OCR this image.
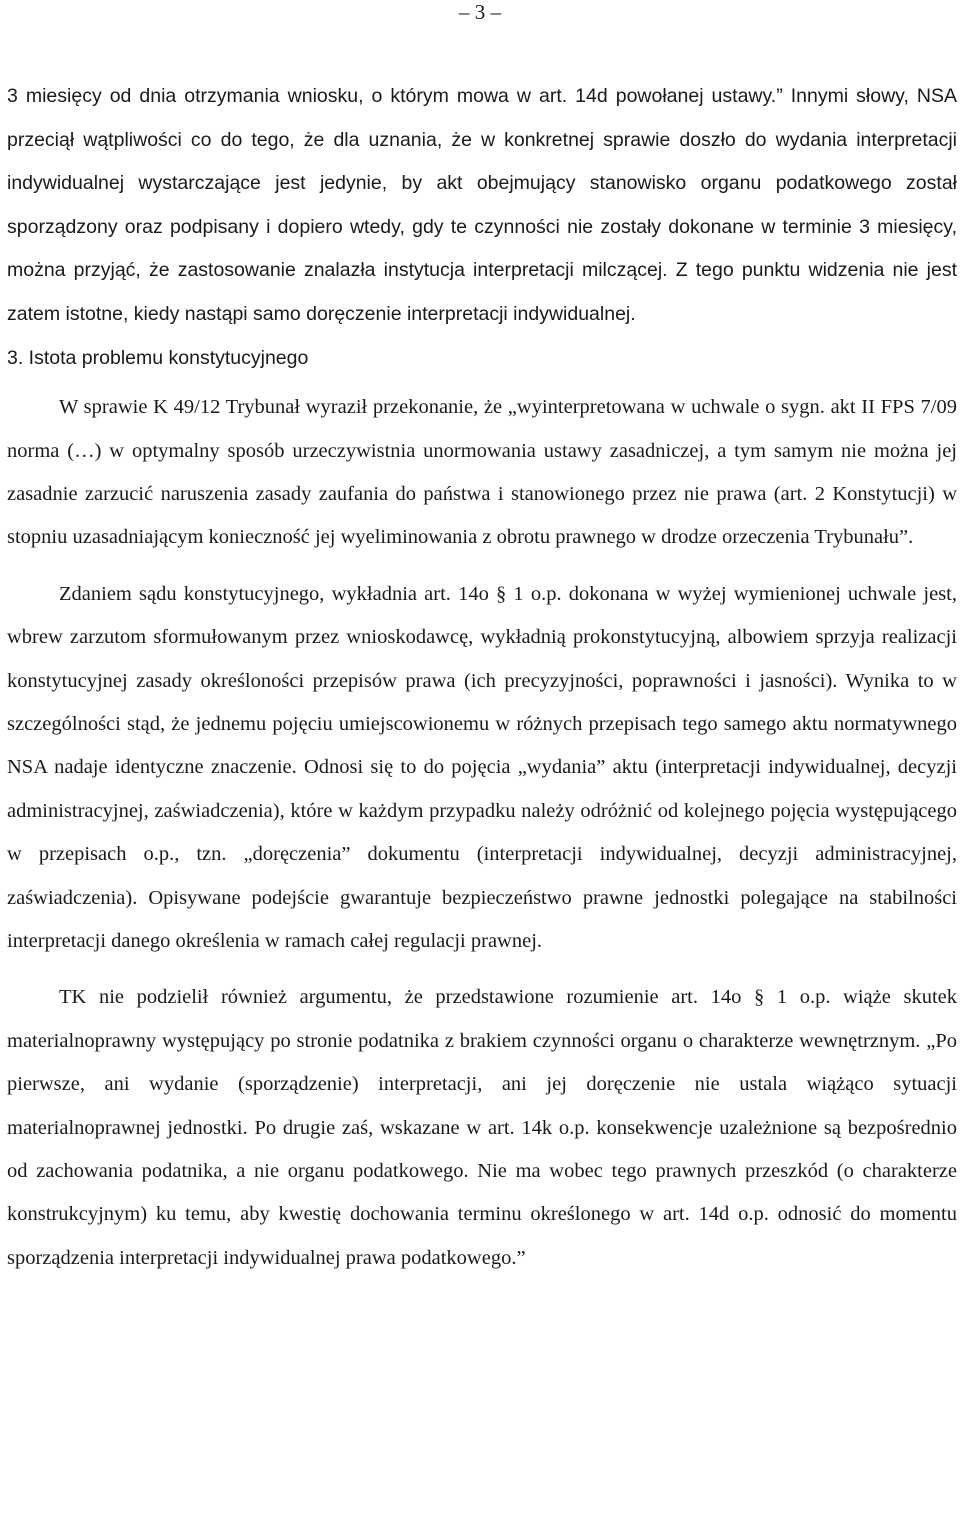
– 3 –

3 miesięcy od dnia otrzymania wniosku, o którym mowa w art. 14d powołanej ustawy.” Innymi słowy, NSA przeciął wątpliwości co do tego, że dla uznania, że w konkretnej sprawie doszło do wydania interpretacji indywidualnej wystarczające jest jedynie, by akt obejmujący stanowisko organu podatkowego został sporządzony oraz podpisany i dopiero wtedy, gdy te czynności nie zostały dokonane w terminie 3 miesięcy, można przyjąć, że zastosowanie znalazła instytucja interpretacji milczącej. Z tego punktu widzenia nie jest zatem istotne, kiedy nastąpi samo doręczenie interpretacji indywidualnej.

3. Istota problemu konstytucyjnego

W sprawie K 49/12 Trybunał wyraził przekonanie, że „wyinterpretowana w uchwale o sygn. akt II FPS 7/09 norma (…) w optymalny sposób urzeczywistnia unormowania ustawy zasadniczej, a tym samym nie można jej zasadnie zarzucić naruszenia zasady zaufania do państwa i stanowionego przez nie prawa (art. 2 Konstytucji) w stopniu uzasadniającym konieczność jej wyeliminowania z obrotu prawnego w drodze orzeczenia Trybunału”.

Zdaniem sądu konstytucyjnego, wykładnia art. 14o § 1 o.p. dokonana w wyżej wymienionej uchwale jest, wbrew zarzutom sformułowanym przez wnioskodawcę, wykładnią prokonstytucyjną, albowiem sprzyja realizacji konstytucyjnej zasady określoności przepisów prawa (ich precyzyjności, poprawności i jasności). Wynika to w szczególności stąd, że jednemu pojęciu umiejscowionemu w różnych przepisach tego samego aktu normatywnego NSA nadaje identyczne znaczenie. Odnosi się to do pojęcia „wydania” aktu (interpretacji indywidualnej, decyzji administracyjnej, zaświadczenia), które w każdym przypadku należy odróżnić od kolejnego pojęcia występującego w przepisach o.p., tzn. „doręczenia” dokumentu (interpretacji indywidualnej, decyzji administracyjnej, zaświadczenia). Opisywane podejście gwarantuje bezpieczeństwo prawne jednostki polegające na stabilności interpretacji danego określenia w ramach całej regulacji prawnej.

TK nie podzielił również argumentu, że przedstawione rozumienie art. 14o § 1 o.p. wiąże skutek materialnoprawny występujący po stronie podatnika z brakiem czynności organu o charakterze wewnętrznym. „Po pierwsze, ani wydanie (sporządzenie) interpretacji, ani jej doręczenie nie ustala wiążąco sytuacji materialnoprawnej jednostki. Po drugie zaś, wskazane w art. 14k o.p. konsekwencje uzależnione są bezpośrednio od zachowania podatnika, a nie organu podatkowego. Nie ma wobec tego prawnych przeszkód (o charakterze konstrukcyjnym) ku temu, aby kwestię dochowania terminu określonego w art. 14d o.p. odnosić do momentu sporządzenia interpretacji indywidualnej prawa podatkowego.”
